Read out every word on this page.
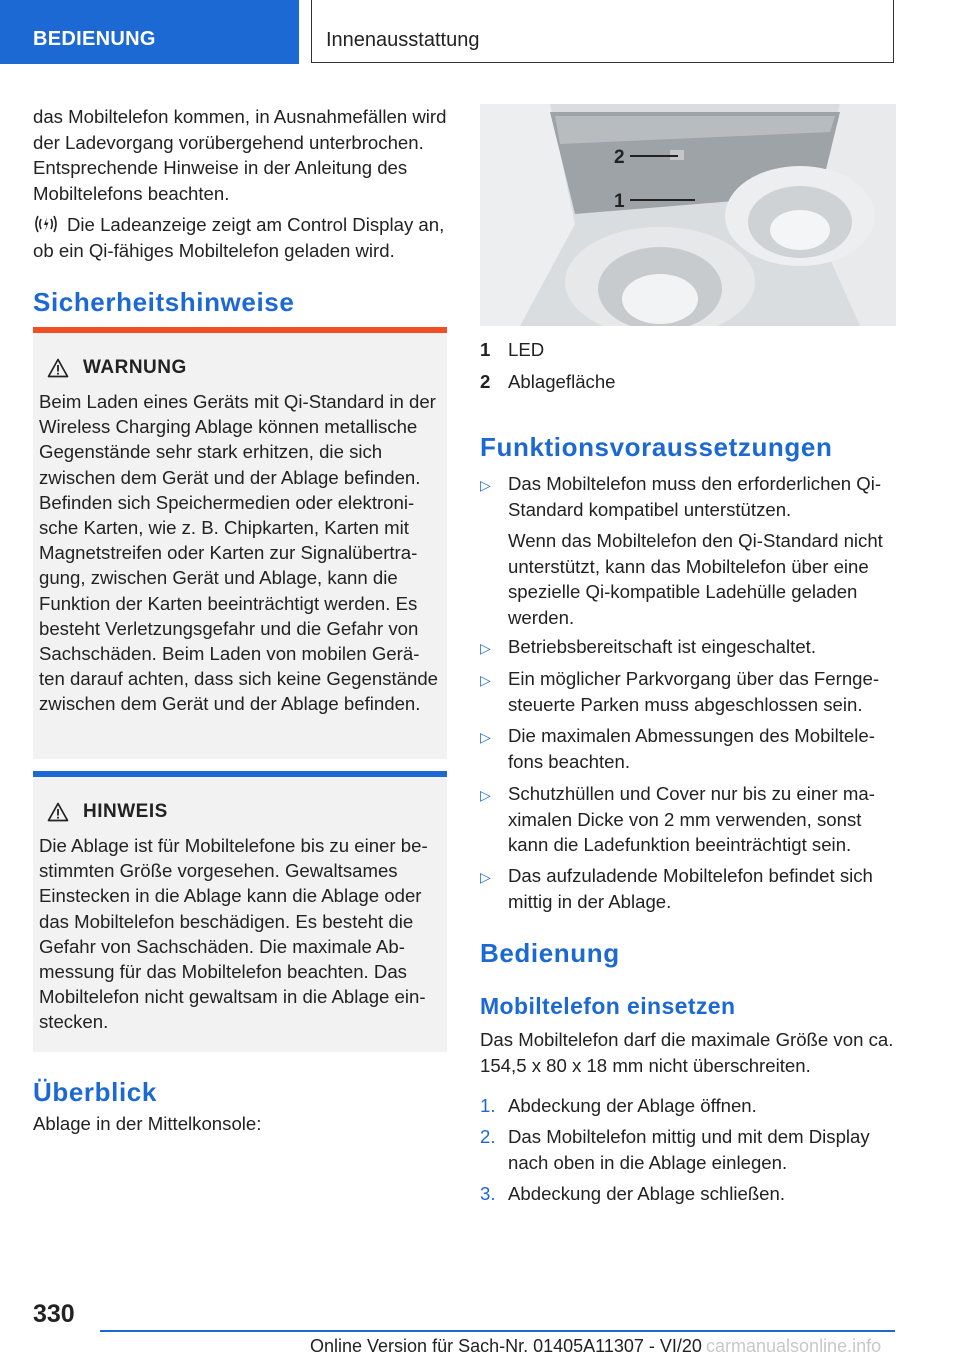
BEDIENUNG	Innenausstattung

das Mobiltelefon kommen, in Ausnahmefällen wird der Ladevorgang vorübergehend unterbrochen. Entsprechende Hinweise in der Anleitung des Mobiltelefons beachten.

Die Ladeanzeige zeigt am Control Display an, ob ein Qi-fähiges Mobiltelefon geladen wird.

Sicherheitshinweise
WARNUNG

Beim Laden eines Geräts mit Qi-Standard in der Wireless Charging Ablage können metallische Gegenstände sehr stark erhitzen, die sich zwischen dem Gerät und der Ablage befinden. Befinden sich Speichermedien oder elektronische Karten, wie z. B. Chipkarten, Karten mit Magnetstreifen oder Karten zur Signalübertragung, zwischen Gerät und Ablage, kann die Funktion der Karten beeinträchtigt werden. Es besteht Verletzungsgefahr und die Gefahr von Sachschäden. Beim Laden von mobilen Geräten darauf achten, dass sich keine Gegenstände zwischen dem Gerät und der Ablage befinden.

HINWEIS

Die Ablage ist für Mobiltelefone bis zu einer bestimmten Größe vorgesehen. Gewaltsames Einstecken in die Ablage kann die Ablage oder das Mobiltelefon beschädigen. Es besteht die Gefahr von Sachschäden. Die maximale Abmessung für das Mobiltelefon beachten. Das Mobiltelefon nicht gewaltsam in die Ablage einstecken.

Überblick

Ablage in der Mittelkonsole:

2
1
1 LED
2 Ablagefläche
Funktionsvoraussetzungen
▷ Das Mobiltelefon muss den erforderlichen Qi-Standard kompatibel unterstützen.
Wenn das Mobiltelefon den Qi-Standard nicht unterstützt, kann das Mobiltelefon über eine spezielle Qi-kompatible Ladehülle geladen werden.
▷ Betriebsbereitschaft ist eingeschaltet.
▷ Ein möglicher Parkvorgang über das Ferngesteuerte Parken muss abgeschlossen sein.
▷ Die maximalen Abmessungen des Mobiltelefons beachten.
▷ Schutzhüllen und Cover nur bis zu einer maximalen Dicke von 2 mm verwenden, sonst kann die Ladefunktion beeinträchtigt sein.
▷ Das aufzuladende Mobiltelefon befindet sich mittig in der Ablage.
Bedienung
Mobiltelefon einsetzen

Das Mobiltelefon darf die maximale Größe von ca. 154,5 x 80 x 18 mm nicht überschreiten.

1. Abdeckung der Ablage öffnen.
2. Das Mobiltelefon mittig und mit dem Display nach oben in die Ablage einlegen.
3. Abdeckung der Ablage schließen.
330
Online Version für Sach-Nr. 01405A11307 - VI/20 carmanualsonline.info
